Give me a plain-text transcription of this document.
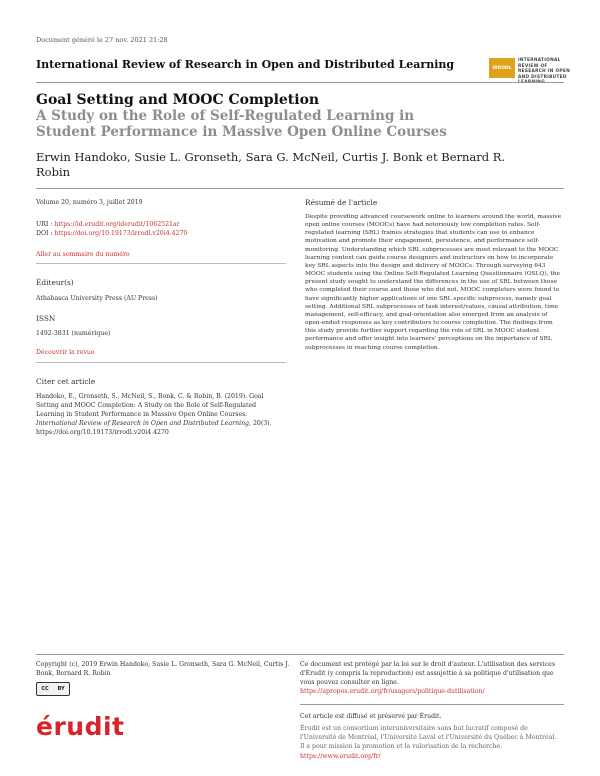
Document généré le 27 nov. 2021 21:28
International Review of Research in Open and Distributed Learning	IRRODL
INTERNATIONAL REVIEW OF RESEARCH IN OPEN AND DISTRIBUTED LEARNING
Goal Setting and MOOC Completion
A Study on the Role of Self-Regulated Learning in Student Performance in Massive Open Online Courses
Erwin Handoko, Susie L. Gronseth, Sara G. McNeil, Curtis J. Bonk et Bernard R. Robin
Volume 20, numéro 3, juillet 2019
URI : https://id.erudit.org/iderudit/1062521ar
DOI : https://doi.org/10.19173/irrodl.v20i4.4270
Aller au sommaire du numéro
Éditeur(s)
Athabasca University Press (AU Press)
ISSN
1492-3831 (numérique)
Découvrir la revue
Citer cet article
Handoko, E., Gronseth, S., McNeil, S., Bonk, C. & Robin, B. (2019). Goal Setting and MOOC Completion: A Study on the Role of Self-Regulated Learning in Student Performance in Massive Open Online Courses. International Review of Research in Open and Distributed Learning, 20(3). https://doi.org/10.19173/irrodl.v20i4.4270
Résumé de l'article
Despite providing advanced coursework online to learners around the world, massive open online courses (MOOCs) have had notoriously low completion rates. Self-regulated learning (SRL) frames strategies that students can use to enhance motivation and promote their engagement, persistence, and performance self-monitoring. Understanding which SRL subprocesses are most relevant to the MOOC learning context can guide course designers and instructors on how to incorporate key SRL aspects into the design and delivery of MOOCs. Through surveying 643 MOOC students using the Online Self-Regulated Learning Questionnaire (OSLQ), the present study sought to understand the differences in the use of SRL between those who completed their course and those who did not. MOOC completers were found to have significantly higher applications of one SRL specific subprocess, namely goal setting. Additional SRL subprocesses of task interest/values, causal attribution, time management, self-efficacy, and goal-orientation also emerged from an analysis of open-ended responses as key contributors to course completion. The findings from this study provide further support regarding the role of SRL in MOOC student performance and offer insight into learners' perceptions on the importance of SRL subprocesses in reaching course completion.
Copyright (c), 2019 Erwin Handoko, Susie L. Gronseth, Sara G. McNeil, Curtis J. Bonk, Bernard R. Robin
CC BY
Ce document est protégé par la loi sur le droit d'auteur. L'utilisation des services d'Érudit (y compris la reproduction) est assujettie à sa politique d'utilisation que vous pouvez consulter en ligne.
https://apropos.erudit.org/fr/usagers/politique-dutilisation/
érudit	Cet article est diffusé et préservé par Érudit.
Érudit est un consortium interuniversitaire sans but lucratif composé de l'Université de Montréal, l'Université Laval et l'Université du Québec à Montréal. Il a pour mission la promotion et la valorisation de la recherche.
https://www.erudit.org/fr/
